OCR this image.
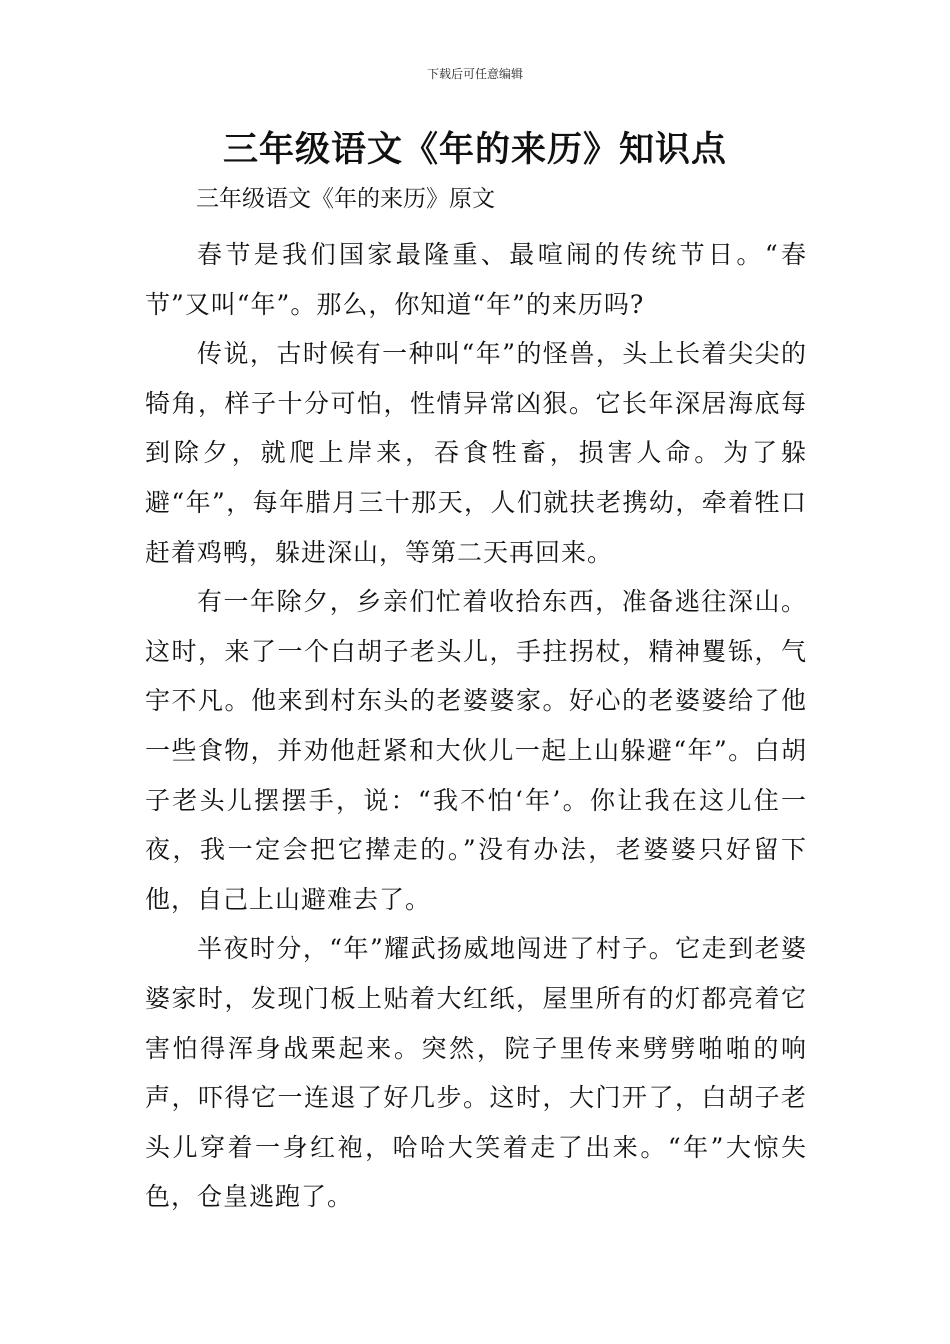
下载后可任意编辑
三年级语文《年的来历》知识点

三年级语文《年的来历》原文

春节是我们国家最隆重、最喧闹的传统节日。“春节”又叫“年”。那么，你知道“年”的来历吗?

传说，古时候有一种叫“年”的怪兽，头上长着尖尖的犄角，样子十分可怕，性情异常凶狠。它长年深居海底每到除夕，就爬上岸来，吞食牲畜，损害人命。为了躲避“年”，每年腊月三十那天，人们就扶老携幼，牵着牲口赶着鸡鸭，躲进深山，等第二天再回来。

有一年除夕，乡亲们忙着收拾东西，准备逃往深山。这时，来了一个白胡子老头儿，手拄拐杖，精神矍铄，气宇不凡。他来到村东头的老婆婆家。好心的老婆婆给了他一些食物，并劝他赶紧和大伙儿一起上山躲避“年”。白胡子老头儿摆摆手，说：“我不怕‘年’。你让我在这儿住一夜，我一定会把它撵走的。”没有办法，老婆婆只好留下他，自己上山避难去了。

半夜时分，“年”耀武扬威地闯进了村子。它走到老婆婆家时，发现门板上贴着大红纸，屋里所有的灯都亮着它害怕得浑身战栗起来。突然，院子里传来劈劈啪啪的响声，吓得它一连退了好几步。这时，大门开了，白胡子老头儿穿着一身红袍，哈哈大笑着走了出来。“年”大惊失色，仓皇逃跑了。
